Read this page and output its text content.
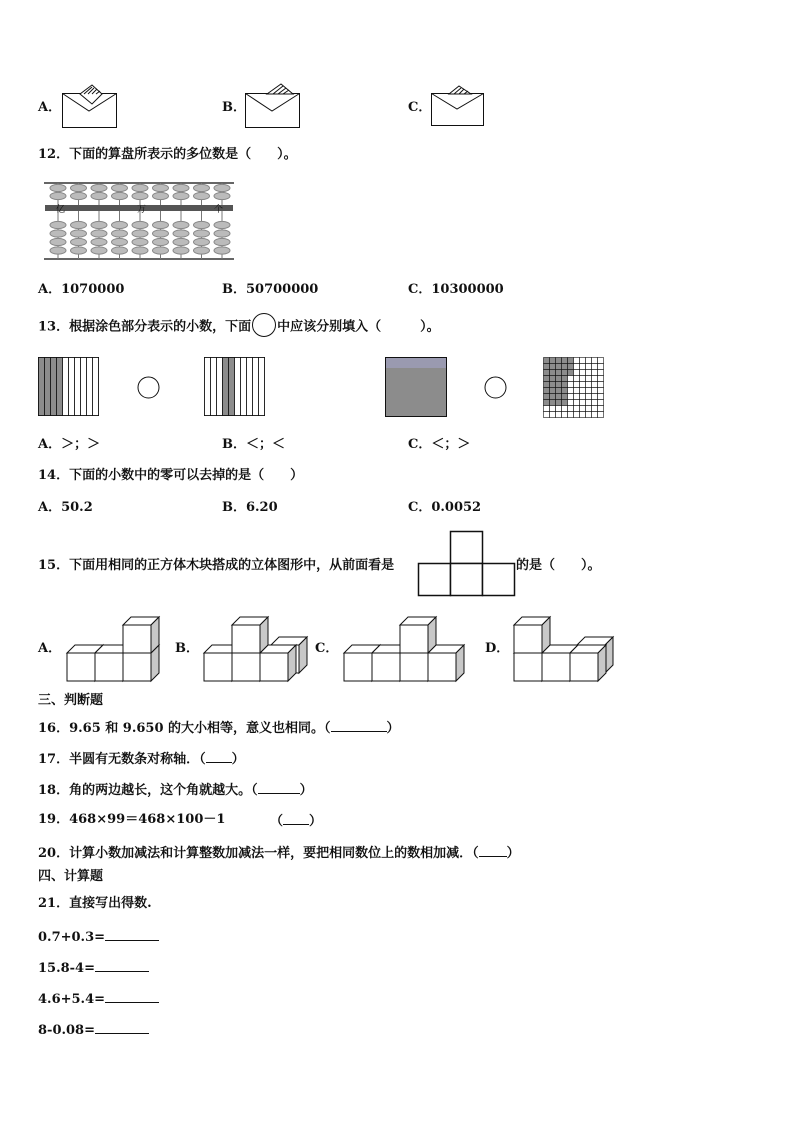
A．	B．	C．
12．下面的算盘所表示的多位数是（　　）。
亿	万	个
A．1070000	B．50700000	C．10300000
13．根据涂色部分表示的小数，下面 中应该分别填入（　　　）。
A．＞；＞	B．＜；＜	C．＜；＞
14．下面的小数中的零可以去掉的是（　　）
A．50.2	B．6.20	C．0.0052
15．下面用相同的正方体木块搭成的立体图形中，从前面看是	的是（　　）。
A．	B．	C．	D．
三、判断题
16．9.65 和 9.650 的大小相等，意义也相同。（	）
17．半圆有无数条对称轴．（ ）
18．角的两边越长，这个角就越大。（	）
19．468×99＝468×100－1	（ ）
20．计算小数加减法和计算整数加减法一样，要把相同数位上的数相加减．（ ）
四、计算题
21．直接写出得数.
0.7+0.3=
15.8-4=
4.6+5.4=
8-0.08=
